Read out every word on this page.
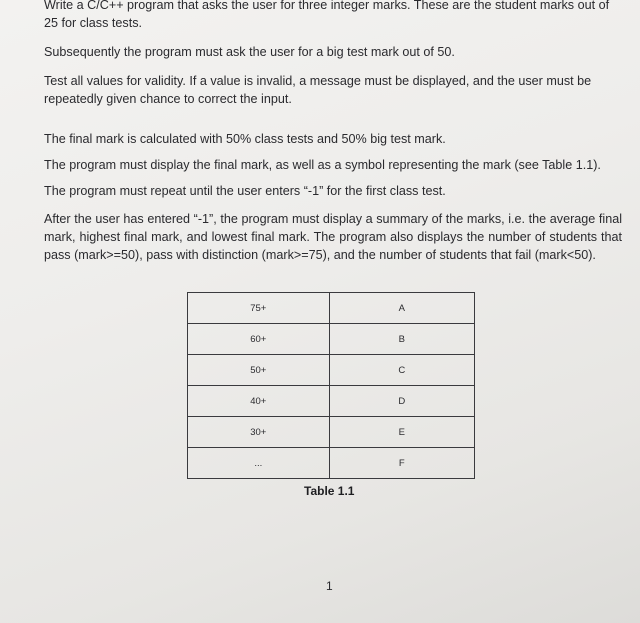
Write a C/C++ program that asks the user for three integer marks. These are the student marks out of 25 for class tests.

Subsequently the program must ask the user for a big test mark out of 50.

Test all values for validity. If a value is invalid, a message must be displayed, and the user must be repeatedly given chance to correct the input.

The final mark is calculated with 50% class tests and 50% big test mark.

The program must display the final mark, as well as a symbol representing the mark (see Table 1.1).

The program must repeat until the user enters “-1” for the first class test.

After the user has entered “-1”, the program must display a summary of the marks, i.e. the average final mark, highest final mark, and lowest final mark. The program also displays the number of students that pass (mark>=50), pass with distinction (mark>=75), and the number of students that fail (mark<50).

75+	A
60+	B
50+	C
40+	D
30+	E
...	F
Table 1.1
1
